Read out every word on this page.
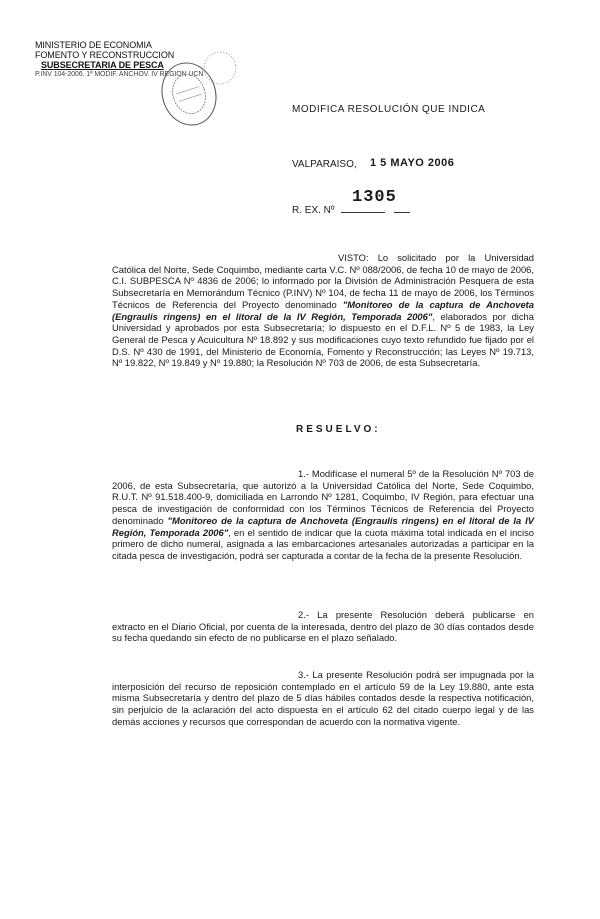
MINISTERIO DE ECONOMIA
FOMENTO Y RECONSTRUCCION
SUBSECRETARIA DE PESCA
P.INV 104-2006. 1ª MODIF. ANCHOV. IV REGION UCN
MODIFICA RESOLUCIÓN QUE INDICA
VALPARAISO, 1 5 MAYO 2006
R. EX. Nº
1305
VISTO: Lo solicitado por la Universidad Católica del Norte, Sede Coquimbo, mediante carta V.C. Nº 088/2006, de fecha 10 de mayo de 2006, C.I. SUBPESCA Nº 4836 de 2006; lo informado por la División de Administración Pesquera de esta Subsecretaría en Memorándum Técnico (P.INV) Nº 104, de fecha 11 de mayo de 2006, los Términos Técnicos de Referencia del Proyecto denominado "Monitoreo de la captura de Anchoveta (Engraulis ringens) en el litoral de la IV Región, Temporada 2006", elaborados por dicha Universidad y aprobados por esta Subsecretaría; lo dispuesto en el D.F.L. Nº 5 de 1983, la Ley General de Pesca y Acuicultura Nº 18.892 y sus modificaciones cuyo texto refundido fue fijado por el D.S. Nº 430 de 1991, del Ministerio de Economía, Fomento y Reconstrucción; las Leyes Nº 19.713, Nº 19.822, Nº 19.849 y Nº 19.880; la Resolución Nº 703 de 2006, de esta Subsecretaría.
RESUELVO:
1.- Modifícase el numeral 5º de la Resolución Nº 703 de 2006, de esta Subsecretaría, que autorizó a la Universidad Católica del Norte, Sede Coquimbo, R.U.T. Nº 91.518.400-9, domiciliada en Larrondo Nº 1281, Coquimbo, IV Región, para efectuar una pesca de investigación de conformidad con los Términos Técnicos de Referencia del Proyecto denominado "Monitoreo de la captura de Anchoveta (Engraulis ringens) en el litoral de la IV Región, Temporada 2006", en el sentido de indicar que la cuota máxima total indicada en el inciso primero de dicho numeral, asignada a las embarcaciones artesanales autorizadas a participar en la citada pesca de investigación, podrá ser capturada a contar de la fecha de la presente Resolución.
2.- La presente Resolución deberá publicarse en extracto en el Diario Oficial, por cuenta de la interesada, dentro del plazo de 30 días contados desde su fecha quedando sin efecto de no publicarse en el plazo señalado.
3.- La presente Resolución podrá ser impugnada por la interposición del recurso de reposición contemplado en el artículo 59 de la Ley 19.880, ante esta misma Subsecretaría y dentro del plazo de 5 días hábiles contados desde la respectiva notificación, sin perjuicio de la aclaración del acto dispuesta en el artículo 62 del citado cuerpo legal y de las demás acciones y recursos que correspondan de acuerdo con la normativa vigente.
